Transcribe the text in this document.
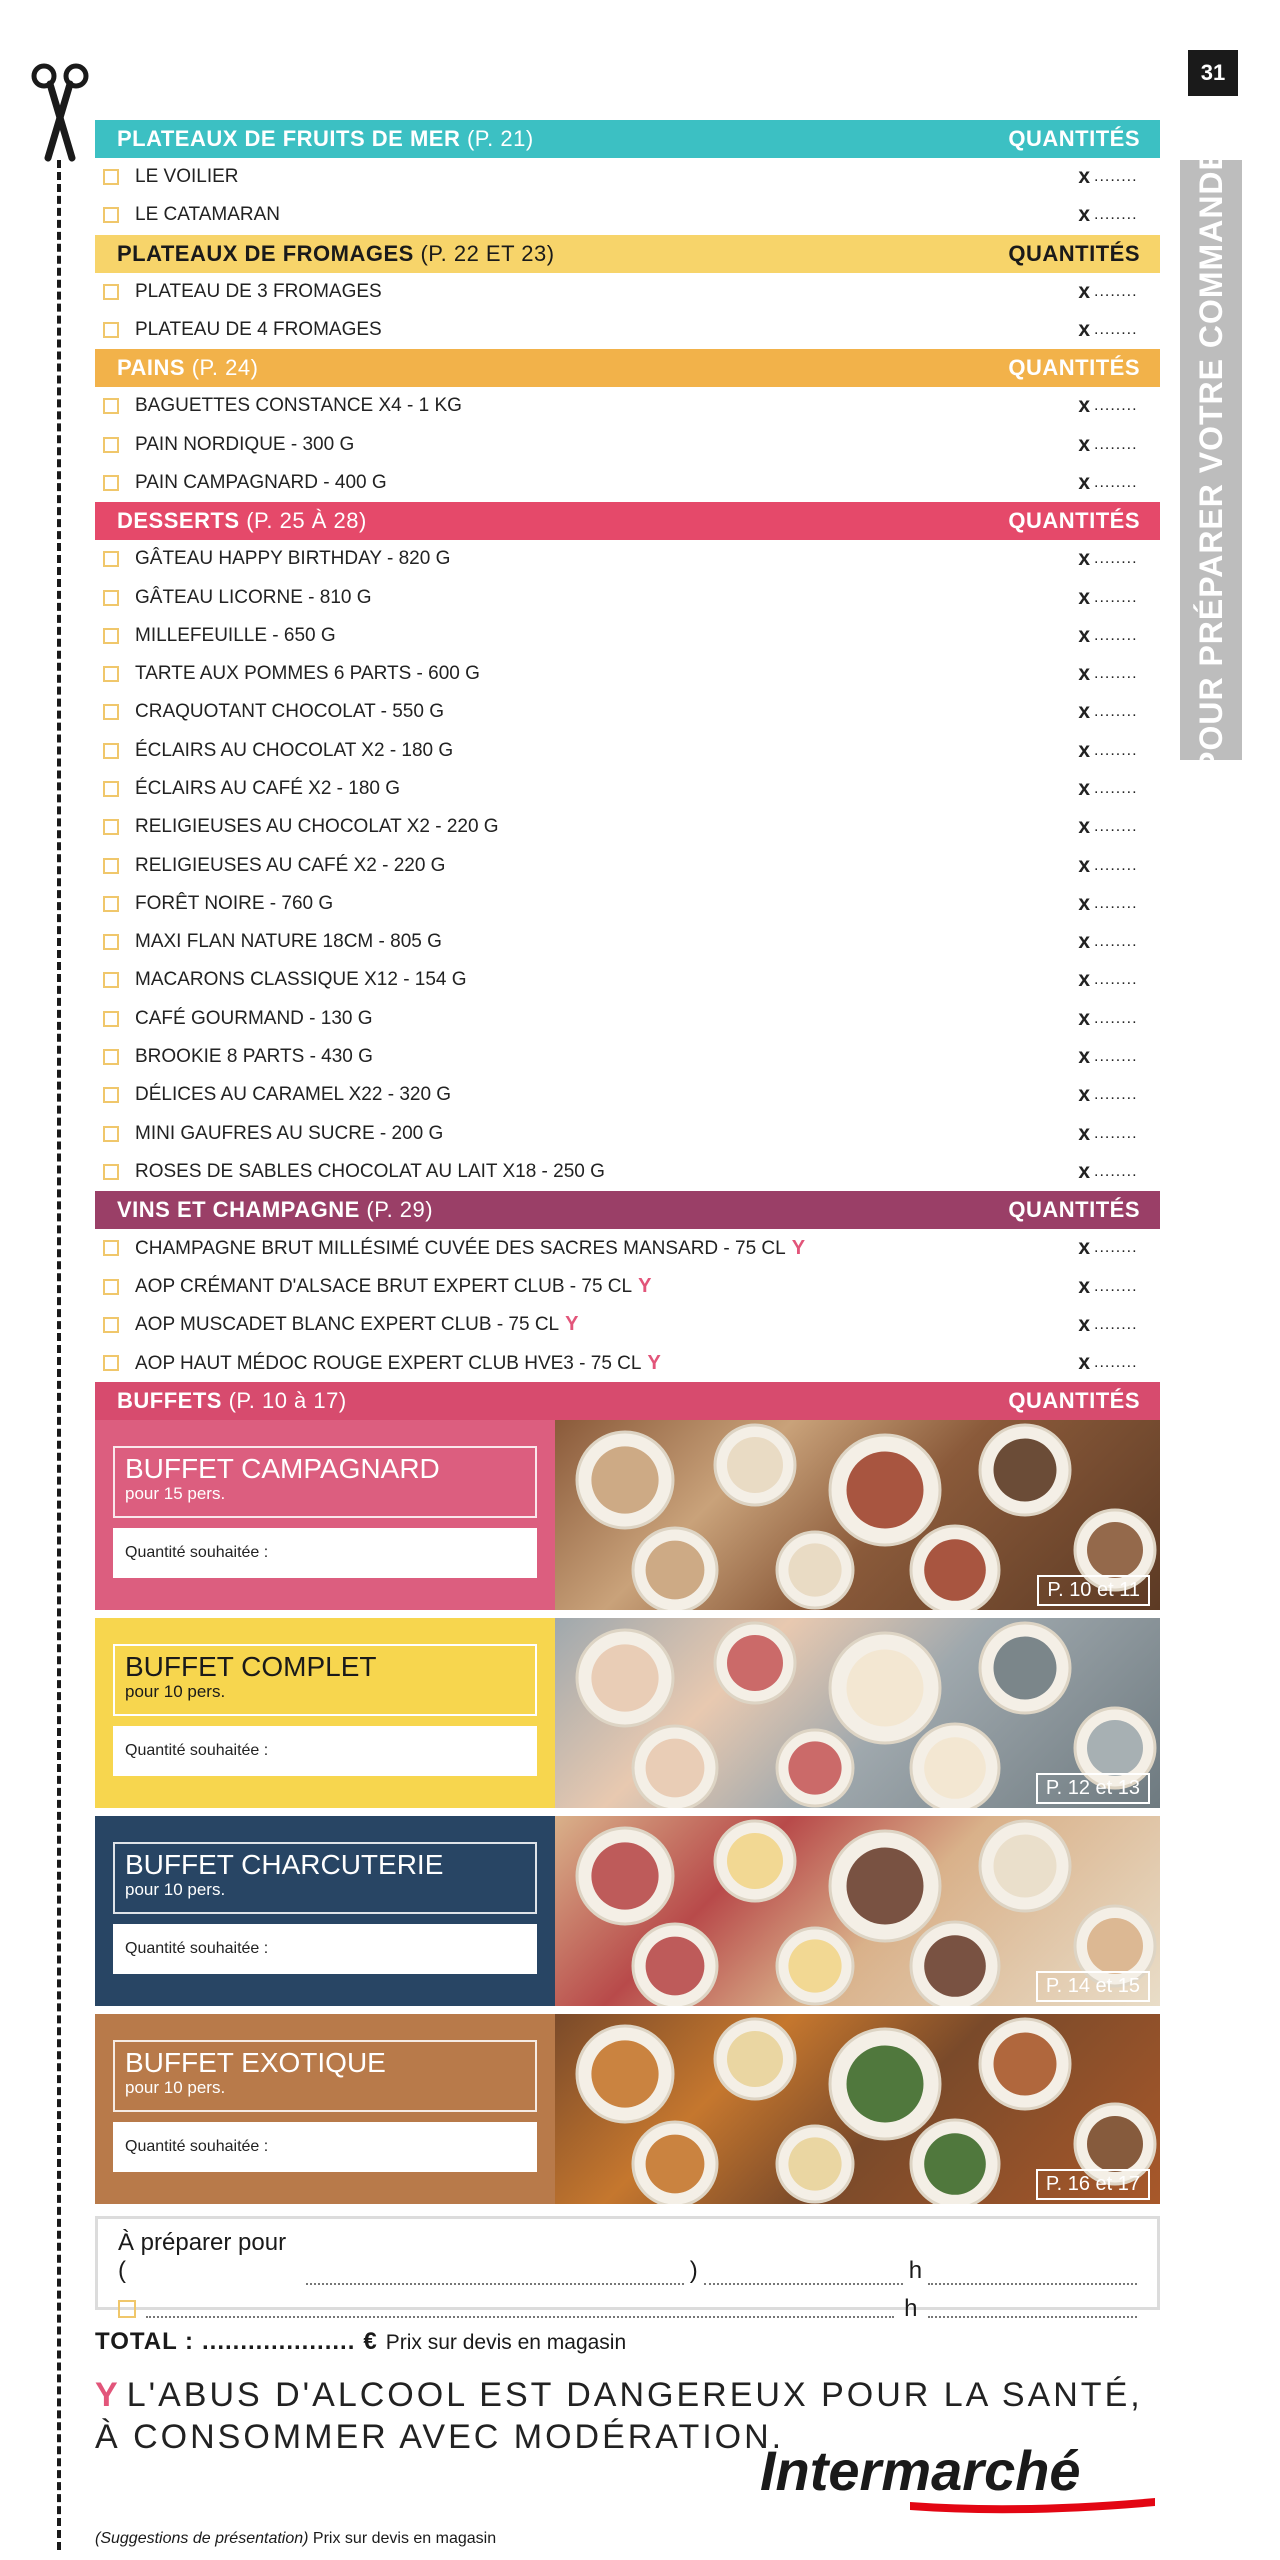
31
POUR PRÉPARER VOTRE COMMANDE
PLATEAUX DE FRUITS DE MER (P. 21)	QUANTITÉS
LE VOILIER	x ........
LE CATAMARAN	x ........
PLATEAUX DE FROMAGES (P. 22 ET 23)	QUANTITÉS
PLATEAU DE 3 FROMAGES	x ........
PLATEAU DE 4 FROMAGES	x ........
PAINS (P. 24)	QUANTITÉS
BAGUETTES CONSTANCE X4 - 1 KG	x ........
PAIN NORDIQUE - 300 G	x ........
PAIN CAMPAGNARD - 400 G	x ........
DESSERTS (P. 25 À 28)	QUANTITÉS
GÂTEAU HAPPY BIRTHDAY - 820 G	x ........
GÂTEAU LICORNE - 810 G	x ........
MILLEFEUILLE - 650 G	x ........
TARTE AUX POMMES 6 PARTS - 600 G	x ........
CRAQUOTANT CHOCOLAT - 550 G	x ........
ÉCLAIRS AU CHOCOLAT X2 - 180 G	x ........
ÉCLAIRS AU CAFÉ X2 - 180 G	x ........
RELIGIEUSES AU CHOCOLAT X2 - 220 G	x ........
RELIGIEUSES AU CAFÉ X2 - 220 G	x ........
FORÊT NOIRE - 760 G	x ........
MAXI FLAN NATURE 18CM - 805 G	x ........
MACARONS CLASSIQUE X12 - 154 G	x ........
CAFÉ GOURMAND - 130 G	x ........
BROOKIE 8 PARTS - 430 G	x ........
DÉLICES AU CARAMEL X22 - 320 G	x ........
MINI GAUFRES AU SUCRE - 200 G	x ........
ROSES DE SABLES CHOCOLAT AU LAIT X18 - 250 G	x ........
VINS ET CHAMPAGNE (P. 29)	QUANTITÉS
CHAMPAGNE BRUT MILLÉSIMÉ CUVÉE DES SACRES MANSARD - 75 CL Y	x ........
AOP CRÉMANT D'ALSACE BRUT EXPERT CLUB - 75 CL Y	x ........
AOP MUSCADET BLANC EXPERT CLUB - 75 CL Y	x ........
AOP HAUT MÉDOC ROUGE EXPERT CLUB HVE3 - 75 CL Y	x ........
BUFFETS (P. 10 à 17)	QUANTITÉS
BUFFET CAMPAGNARD
pour 15 pers.
Quantité souhaitée :
P. 10 et 11
BUFFET COMPLET
pour 10 pers.
Quantité souhaitée :
P. 12 et 13
BUFFET CHARCUTERIE
pour 10 pers.
Quantité souhaitée :
P. 14 et 15
BUFFET EXOTIQUE
pour 10 pers.
Quantité souhaitée :
P. 16 et 17
À préparer pour (	)	h
h
TOTAL : .................... € Prix sur devis en magasin
Y L'ABUS D'ALCOOL EST DANGEREUX POUR LA SANTÉ,
À CONSOMMER AVEC MODÉRATION.
Intermarché
(Suggestions de présentation) Prix sur devis en magasin
